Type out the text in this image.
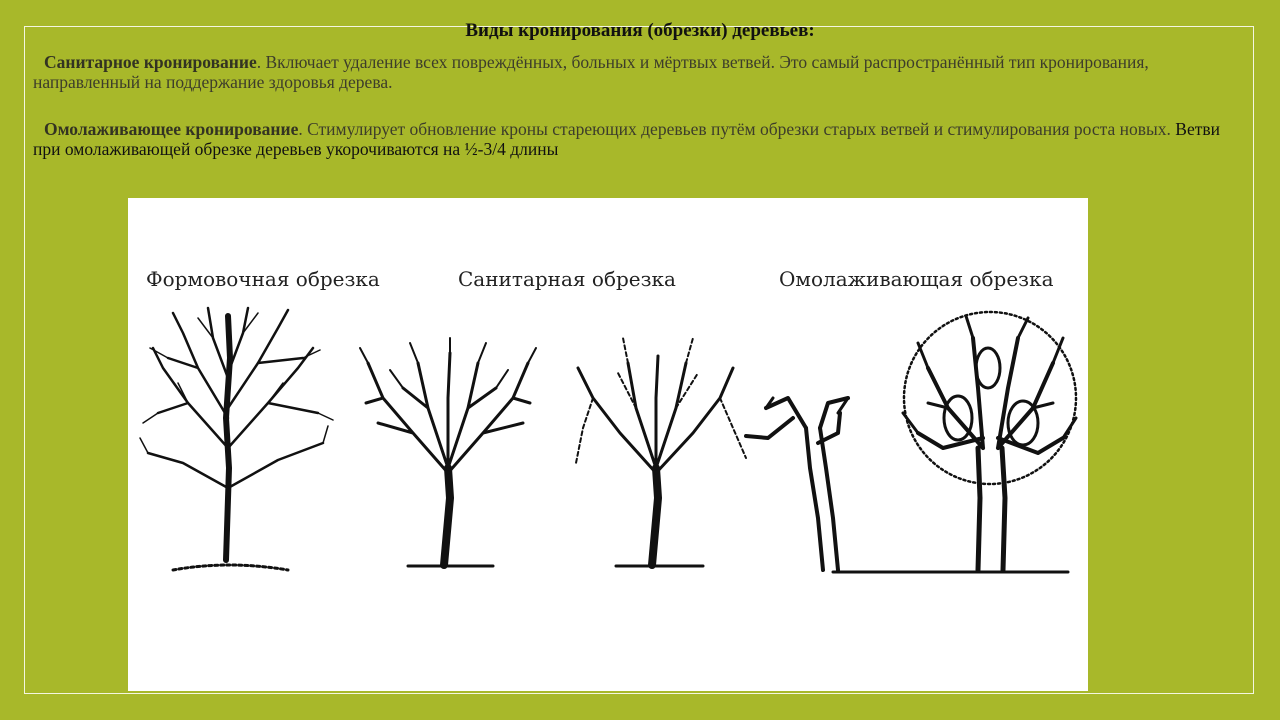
Виды кронирования (обрезки) деревьев:

Санитарное кронирование. Включает удаление всех повреждённых, больных и мёртвых ветвей. Это самый распространённый тип кронирования, направленный на поддержание здоровья дерева.

Омолаживающее кронирование. Стимулирует обновление кроны стареющих деревьев путём обрезки старых ветвей и стимулирования роста новых. Ветви при омолаживающей обрезке деревьев укорочиваются на ½-3/4 длины

Формовочная обрезка	Санитарная обрезка	Омолаживающая обрезка
